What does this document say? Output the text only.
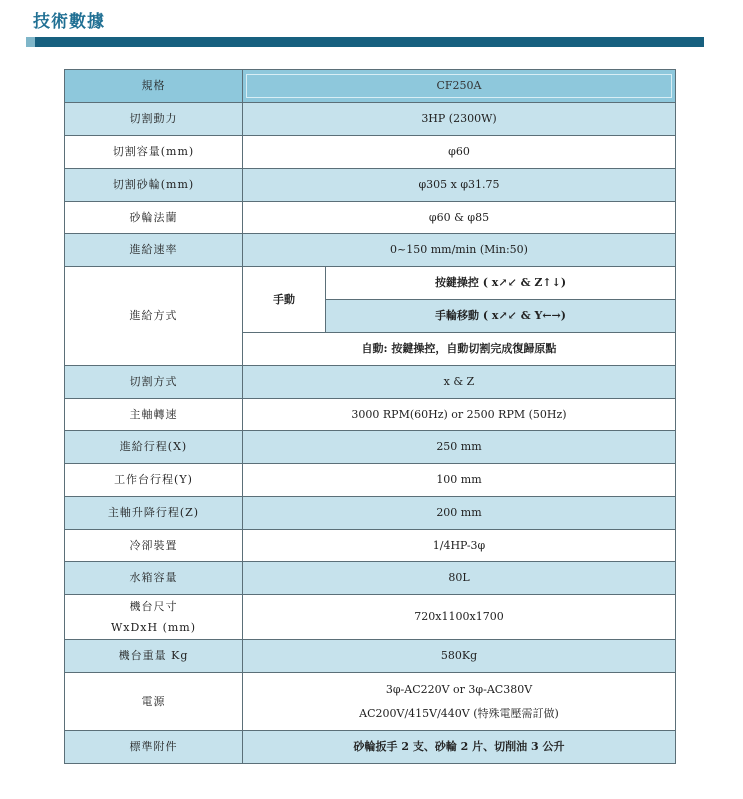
技術數據
規格	CF250A	

切割動力	3HP (2300W)	
切割容量(mm)	φ60	
切割砂輪(mm)	φ305 x φ31.75	
砂輪法蘭	φ60 & φ85	
進給速率	0~150 mm/min (Min:50)	
進給方式	手動	按鍵操控 ( x↗↙ & Z↑↓)
		手輪移動 ( x↗↙ & Y←→)
	自動: 按鍵操控，自動切割完成復歸原點	
切割方式	x & Z	
主軸轉速	3000 RPM(60Hz) or 2500 RPM (50Hz)	
進給行程(X)	250 mm	
工作台行程(Y)	100 mm	
主軸升降行程(Z)	200 mm	
冷卻裝置	1/4HP-3φ	
水箱容量	80L	

機台尺寸
WxDxH (mm)	720x1100x1700	
機台重量 Kg	580Kg	
電源	3φ-AC220V or 3φ-AC380V
AC200V/415V/440V (特殊電壓需訂做)	

標準附件	砂輪扳手 2 支、砂輪 2 片、切削油 3 公升	
